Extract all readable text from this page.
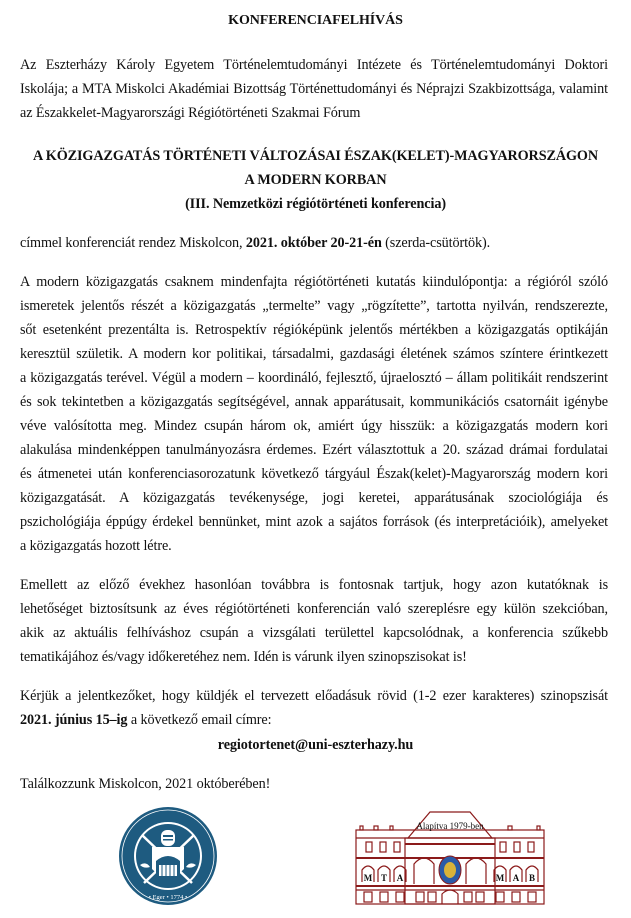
KONFERENCIAFELHÍVÁS
Az Eszterházy Károly Egyetem Történelemtudományi Intézete és Történelemtudományi Doktori
Iskolája; a MTA Miskolci Akadémiai Bizottság Történettudományi és Néprajzi Szakbizottsága, valamint
az Északkelet-Magyarországi Régiótörténeti Szakmai Fórum
A KÖZIGAZGATÁS TÖRTÉNETI VÁLTOZÁSAI ÉSZAK(KELET)-MAGYARORSZÁGON
A MODERN KORBAN
(III. Nemzetközi régiótörténeti konferencia)
címmel konferenciát rendez Miskolcon, 2021. október 20-21-én (szerda-csütörtök).
A modern közigazgatás csaknem mindenfajta régiótörténeti kutatás kiindulópontja: a régióról szóló
ismeretek jelentős részét a közigazgatás „termelte” vagy „rögzítette”, tartotta nyilván, rendszerezte,
sőt esetenként prezentálta is. Retrospektív régióképünk jelentős mértékben a közigazgatás optikáján
keresztül születik. A modern kor politikai, társadalmi, gazdasági életének számos színtere érintkezett
a közigazgatás terével. Végül a modern – koordináló, fejlesztő, újraelosztó – állam politikáit rendszerint
és sok tekintetben a közigazgatás segítségével, annak apparátusait, kommunikációs csatornáit igénybe
véve valósította meg. Mindez csupán három ok, amiért úgy hisszük: a közigazgatás modern kori
alakulása mindenképpen tanulmányozásra érdemes. Ezért választottuk a 20. század drámai fordulatai
és átmenetei után konferenciasorozatunk következő tárgyául Észak(kelet)-Magyarország modern kori
közigazgatását. A közigazgatás tevékenysége, jogi keretei, apparátusának szociológiája és
pszichológiája éppúgy érdekel bennünket, mint azok a sajátos források (és interpretációik), amelyeket
a közigazgatás hozott létre.
Emellett az előző évekhez hasonlóan továbbra is fontosnak tartjuk, hogy azon kutatóknak is
lehetőséget biztosítsunk az éves régiótörténeti konferencián való szereplésre egy külön szekcióban,
akik az aktuális felhíváshoz csupán a vizsgálati területtel kapcsolódnak, a konferencia szűkebb
tematikájához és/vagy időkeretéhez nem. Idén is várunk ilyen szinopszisokat is!
Kérjük a jelentkezőket, hogy küldjék el tervezett előadásuk rövid (1-2 ezer karakteres) szinopszisát
2021. június 15–ig a következő email címre:
regiotortenet@uni-eszterhazy.hu
Találkozzunk Miskolcon, 2021 októberében!
• Eger • 1774 •
Alapítva 1979-ben
M T A	M A B
